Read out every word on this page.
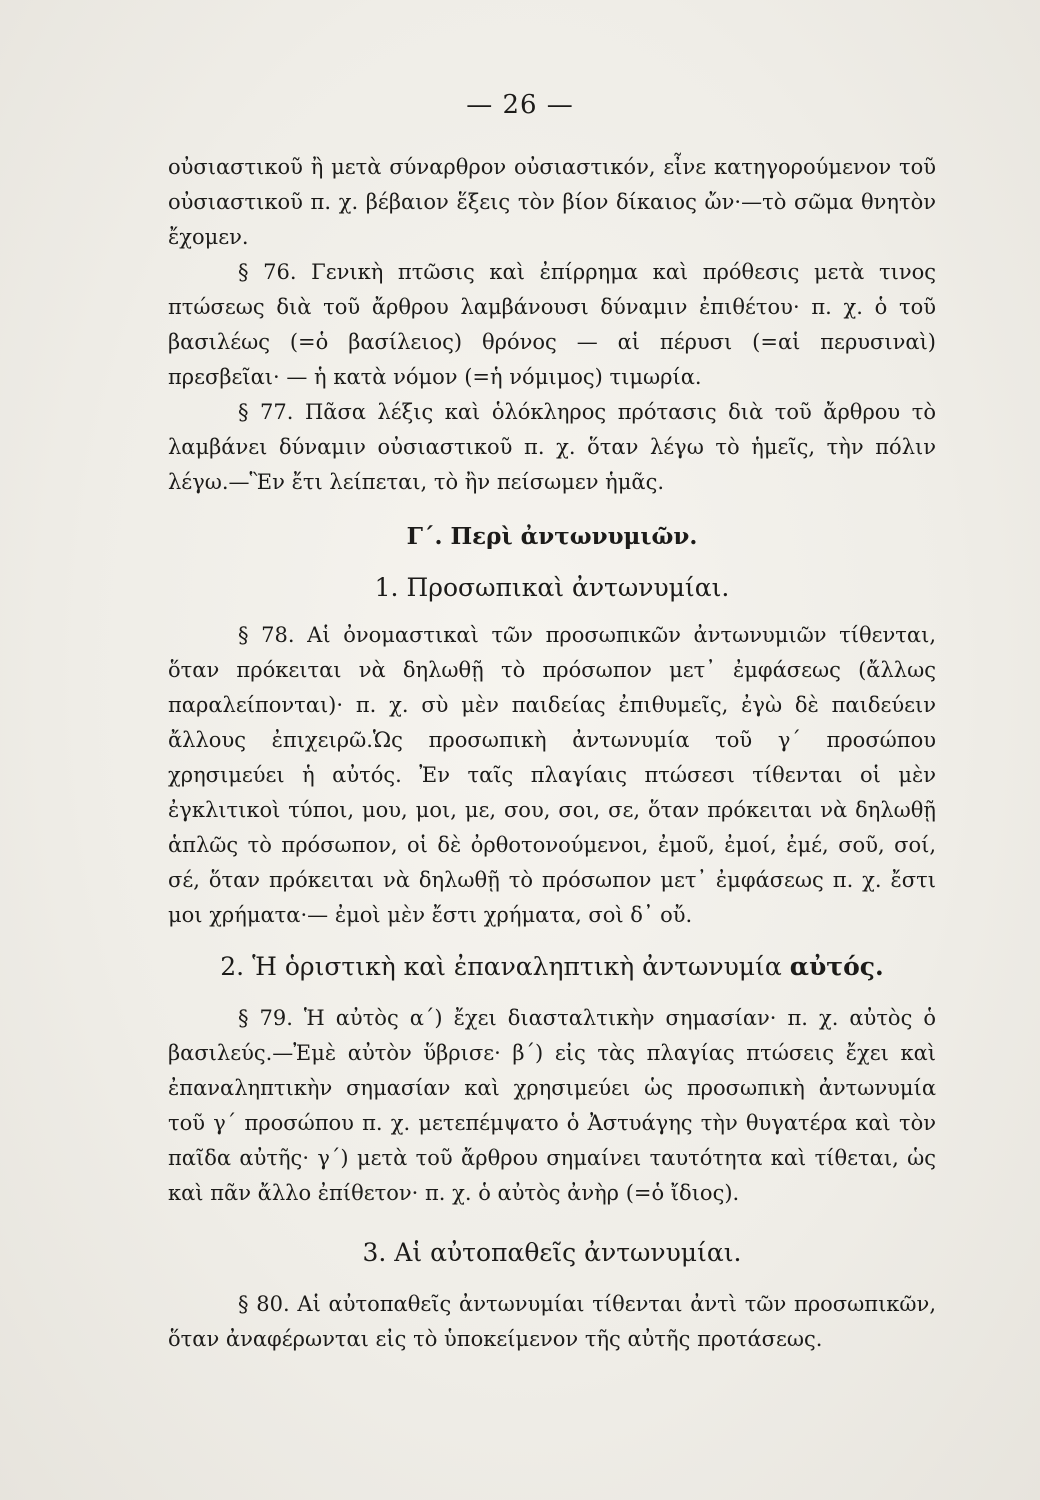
— 26 —

οὐσιαστικοῦ ἢ μετὰ σύναρθρον οὐσιαστικόν, εἶνε κατηγορούμενον τοῦ οὐσιαστικοῦ π. χ. βέβαιον ἕξεις τὸν βίον δίκαιος ὤν·—τὸ σῶμα θνητὸν ἔχομεν.

§ 76. Γενικὴ πτῶσις καὶ ἐπίρρημα καὶ πρόθεσις μετὰ τινος πτώσεως διὰ τοῦ ἄρθρου λαμβάνουσι δύναμιν ἐπιθέτου· π. χ. ὁ τοῦ βασιλέως (=ὁ βασίλειος) θρόνος — αἱ πέρυσι (=αἱ περυσιναὶ) πρεσβεῖαι· — ἡ κατὰ νόμον (=ἡ νόμιμος) τιμωρία.

§ 77. Πᾶσα λέξις καὶ ὁλόκληρος πρότασις διὰ τοῦ ἄρθρου τὸ λαμβάνει δύναμιν οὐσιαστικοῦ π. χ. ὅταν λέγω τὸ ἡμεῖς, τὴν πόλιν λέγω.—Ἓν ἔτι λείπεται, τὸ ἢν πείσωμεν ἡμᾶς.

Γ΄. Περὶ ἀντωνυμιῶν.

1. Προσωπικαὶ ἀντωνυμίαι.

§ 78. Αἱ ὀνομαστικαὶ τῶν προσωπικῶν ἀντωνυμιῶν τίθενται, ὅταν πρόκειται νὰ δηλωθῇ τὸ πρόσωπον μετ᾽ ἐμφάσεως (ἄλλως παραλείπονται)· π. χ. σὺ μὲν παιδείας ἐπιθυμεῖς, ἐγὼ δὲ παιδεύειν ἄλλους ἐπιχειρῶ.Ὡς προσωπικὴ ἀντωνυμία τοῦ γ΄ προσώπου χρησιμεύει ἡ αὐτός. Ἐν ταῖς πλαγίαις πτώσεσι τίθενται οἱ μὲν ἐγκλιτικοὶ τύποι, μου, μοι, με, σου, σοι, σε, ὅταν πρόκειται νὰ δηλωθῇ ἁπλῶς τὸ πρόσωπον, οἱ δὲ ὀρθοτονούμενοι, ἐμοῦ, ἐμοί, ἐμέ, σοῦ, σοί, σέ, ὅταν πρόκειται νὰ δηλωθῇ τὸ πρόσωπον μετ᾽ ἐμφάσεως π. χ. ἔστι μοι χρήματα·— ἐμοὶ μὲν ἔστι χρήματα, σοὶ δ᾽ οὔ.

2. Ἡ ὁριστικὴ καὶ ἐπαναληπτικὴ ἀντωνυμία αὐτός.

§ 79. Ἡ αὐτὸς α΄) ἔχει διασταλτικὴν σημασίαν· π. χ. αὐτὸς ὁ βασιλεύς.—Ἐμὲ αὐτὸν ὕβρισε· β΄) εἰς τὰς πλαγίας πτώσεις ἔχει καὶ ἐπαναληπτικὴν σημασίαν καὶ χρησιμεύει ὡς προσωπικὴ ἀντωνυμία τοῦ γ΄ προσώπου π. χ. μετεπέμψατο ὁ Ἀστυάγης τὴν θυγατέρα καὶ τὸν παῖδα αὐτῆς· γ΄) μετὰ τοῦ ἄρθρου σημαίνει ταυτότητα καὶ τίθεται, ὡς καὶ πᾶν ἄλλο ἐπίθετον· π. χ. ὁ αὐτὸς ἀνὴρ (=ὁ ἴδιος).

3. Αἱ αὐτοπαθεῖς ἀντωνυμίαι.

§ 80. Αἱ αὐτοπαθεῖς ἀντωνυμίαι τίθενται ἀντὶ τῶν προσωπικῶν, ὅταν ἀναφέρωνται εἰς τὸ ὑποκείμενον τῆς αὐτῆς προτάσεως.
